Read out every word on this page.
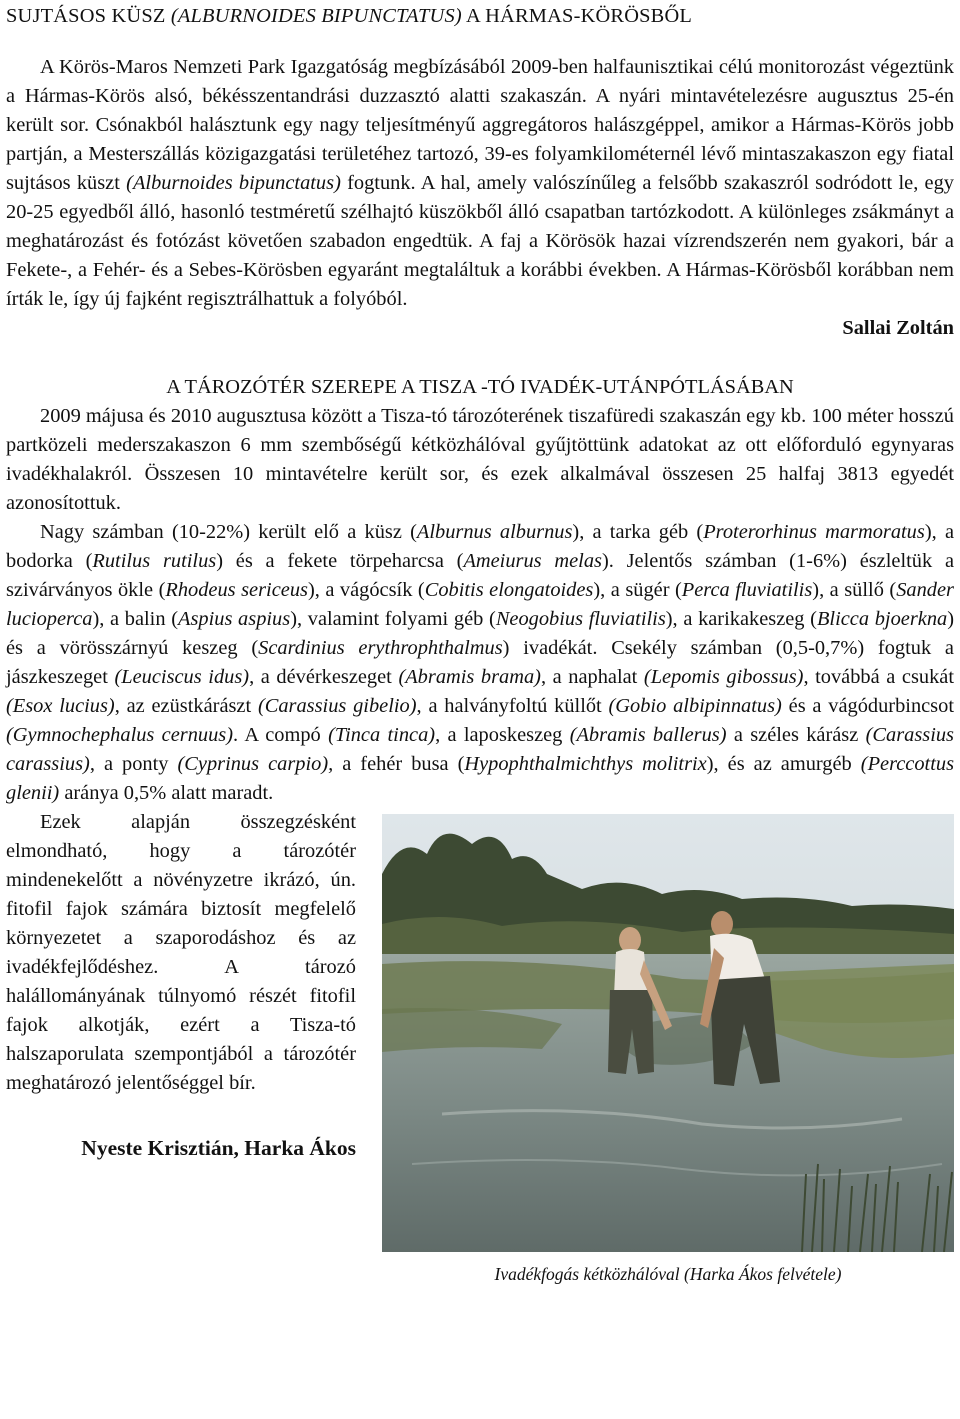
SUJTÁSOS KÜSZ (ALBURNOIDES BIPUNCTATUS) A HÁRMAS-KÖRÖSBŐL

A Körös-Maros Nemzeti Park Igazgatóság megbízásából 2009-ben halfaunisztikai célú monitorozást végeztünk a Hármas-Körös alsó, békésszentandrási duzzasztó alatti szakaszán. A nyári mintavételezésre augusztus 25-én került sor. Csónakból halásztunk egy nagy teljesítményű aggregátoros halászgéppel, amikor a Hármas-Körös jobb partján, a Mesterszállás közigazgatási területéhez tartozó, 39-es folyamkilométernél lévő mintaszakaszon egy fiatal sujtásos küszt (Alburnoides bipunctatus) fogtunk. A hal, amely valószínűleg a felsőbb szakaszról sodródott le, egy 20-25 egyedből álló, hasonló testméretű szélhajtó küszökből álló csapatban tartózkodott. A különleges zsákmányt a meghatározást és fotózást követően szabadon engedtük. A faj a Körösök hazai vízrendszerén nem gyakori, bár a Fekete-, a Fehér- és a Sebes-Körösben egyaránt megtaláltuk a korábbi években. A Hármas-Körösből korábban nem írták le, így új fajként regisztrálhattuk a folyóból.

Sallai Zoltán

A TÁROZÓTÉR SZEREPE A TISZA -TÓ IVADÉK-UTÁNPÓTLÁSÁBAN

2009 májusa és 2010 augusztusa között a Tisza-tó tározóterének tiszafüredi szakaszán egy kb. 100 méter hosszú partközeli mederszakaszon 6 mm szembőségű kétközhálóval gyűjtöttünk adatokat az ott előforduló egynyaras ivadékhalakról. Összesen 10 mintavételre került sor, és ezek alkalmával összesen 25 halfaj 3813 egyedét azonosítottuk.

Nagy számban (10-22%) került elő a küsz (Alburnus alburnus), a tarka géb (Proterorhinus marmoratus), a bodorka (Rutilus rutilus) és a fekete törpeharcsa (Ameiurus melas). Jelentős számban (1-6%) észleltük a szivárványos ökle (Rhodeus sericeus), a vágócsík (Cobitis elongatoides), a sügér (Perca fluviatilis), a süllő (Sander lucioperca), a balin (Aspius aspius), valamint folyami géb (Neogobius fluviatilis), a karikakeszeg (Blicca bjoerkna) és a vörösszárnyú keszeg (Scardinius erythrophthalmus) ivadékát. Csekély számban (0,5-0,7%) fogtuk a jászkeszeget (Leuciscus idus), a dévérkeszeget (Abramis brama), a naphalat (Lepomis gibossus), továbbá a csukát (Esox lucius), az ezüstkárászt (Carassius gibelio), a halványfoltú küllőt (Gobio albipinnatus) és a vágódurbincsot (Gymnochephalus cernuus). A compó (Tinca tinca), a laposkeszeg (Abramis ballerus) a széles kárász (Carassius carassius), a ponty (Cyprinus carpio), a fehér busa (Hypophthalmichthys molitrix), és az amurgéb (Perccottus glenii) aránya 0,5% alatt maradt.

Ivadékfogás kétközhálóval (Harka Ákos felvétele)

Ezek alapján összegzésként elmondható, hogy a tározótér mindenekelőtt a növényzetre ikrázó, ún. fitofil fajok számára biztosít megfelelő környezetet a szaporodáshoz és az ivadékfejlődéshez. A tározó halállományának túlnyomó részét fitofil fajok alkotják, ezért a Tisza-tó halszaporulata szempontjából a tározótér meghatározó jelentőséggel bír.

Nyeste Krisztián, Harka Ákos
